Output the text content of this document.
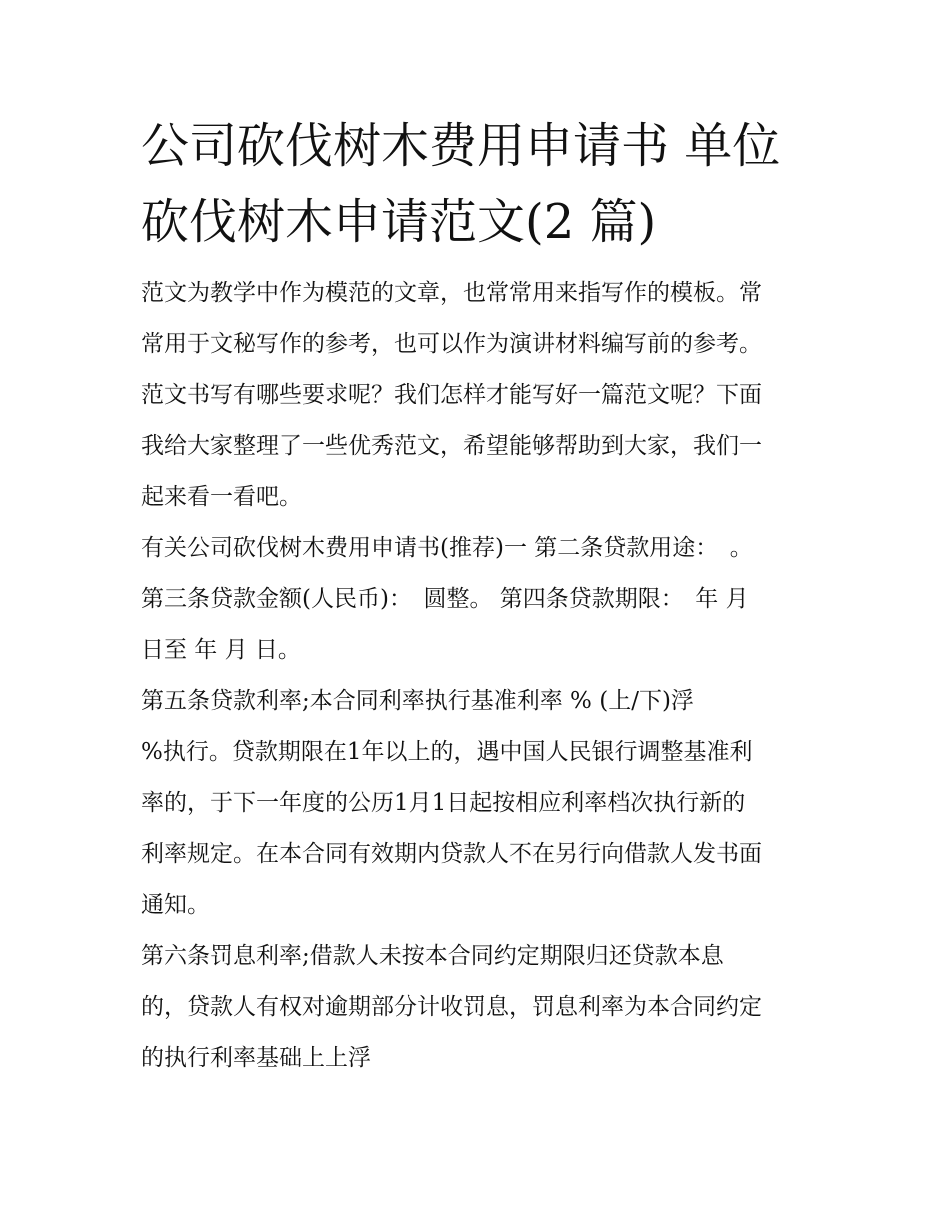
公司砍伐树木费用申请书 单位
砍伐树木申请范文(2 篇)
范文为教学中作为模范的文章，也常常用来指写作的模板。常
常用于文秘写作的参考，也可以作为演讲材料编写前的参考。
范文书写有哪些要求呢？我们怎样才能写好一篇范文呢？下面
我给大家整理了一些优秀范文，希望能够帮助到大家，我们一
起来看一看吧。
有关公司砍伐树木费用申请书(推荐)一 第二条贷款用途：　。
第三条贷款金额(人民币)：　圆整。 第四条贷款期限：　年 月
日至 年 月 日。
第五条贷款利率;本合同利率执行基准利率 % (上/下)浮
%执行。贷款期限在1年以上的，遇中国人民银行调整基准利
率的，于下一年度的公历1月1日起按相应利率档次执行新的
利率规定。在本合同有效期内贷款人不在另行向借款人发书面
通知。
第六条罚息利率;借款人未按本合同约定期限归还贷款本息
的，贷款人有权对逾期部分计收罚息，罚息利率为本合同约定
的执行利率基础上上浮
